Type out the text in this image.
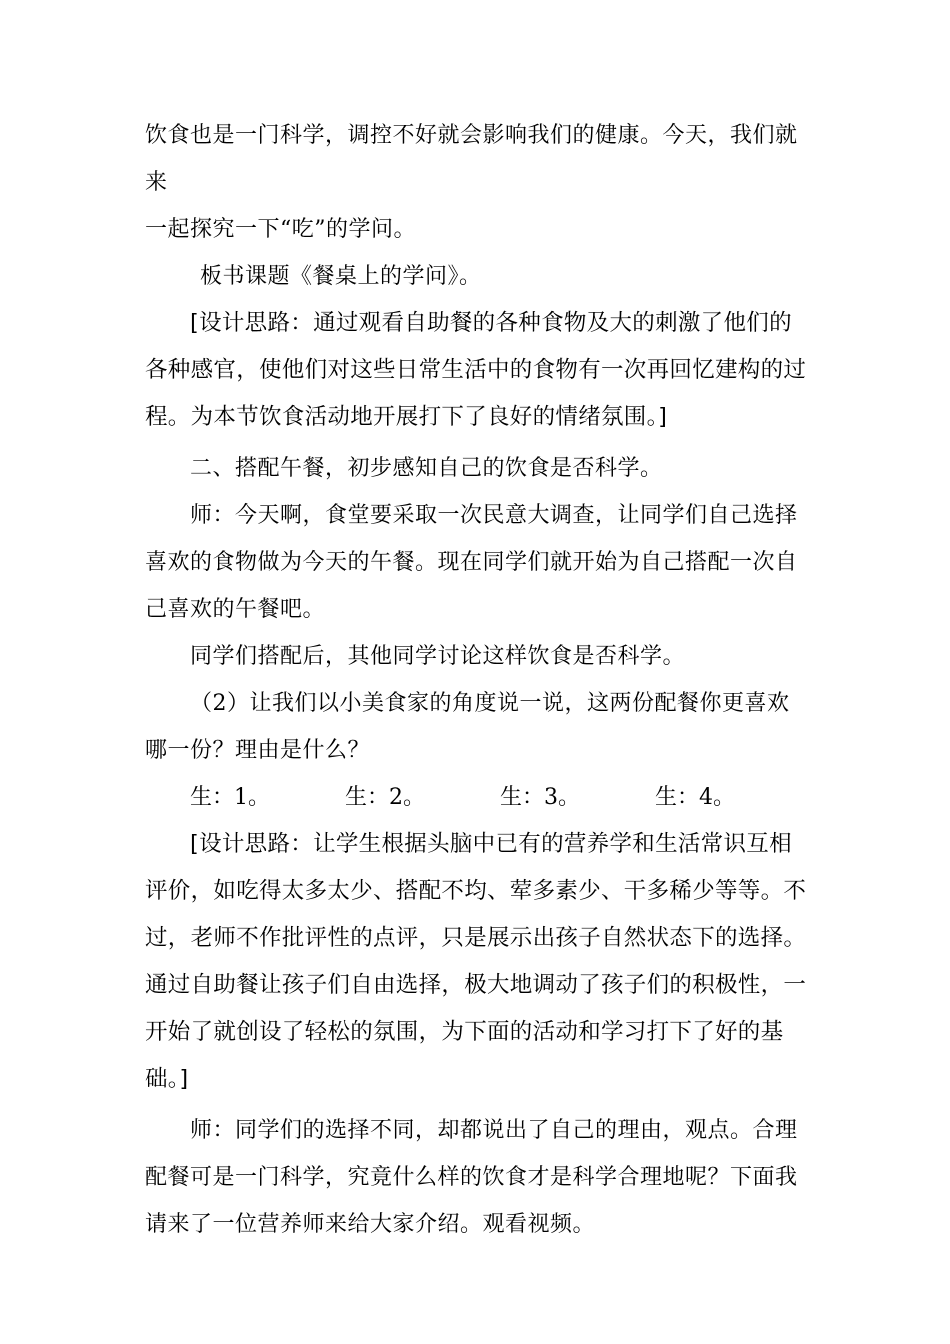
饮食也是一门科学，调控不好就会影响我们的健康。今天，我们就来

一起探究一下“吃”的学问。

板书课题《餐桌上的学问》。

[设计思路：通过观看自助餐的各种食物及大的刺激了他们的各种感官，使他们对这些日常生活中的食物有一次再回忆建构的过程。为本节饮食活动地开展打下了良好的情绪氛围。]

二、搭配午餐，初步感知自己的饮食是否科学。

师：今天啊，食堂要采取一次民意大调查，让同学们自己选择喜欢的食物做为今天的午餐。现在同学们就开始为自己搭配一次自己喜欢的午餐吧。

同学们搭配后，其他同学讨论这样饮食是否科学。

（2）让我们以小美食家的角度说一说，这两份配餐你更喜欢哪一份？理由是什么？

生：1。	生：2。	生：3。	生：4。

[设计思路：让学生根据头脑中已有的营养学和生活常识互相评价，如吃得太多太少、搭配不均、荤多素少、干多稀少等等。不过，老师不作批评性的点评，只是展示出孩子自然状态下的选择。通过自助餐让孩子们自由选择，极大地调动了孩子们的积极性，一开始了就创设了轻松的氛围，为下面的活动和学习打下了好的基础。]

师：同学们的选择不同，却都说出了自己的理由，观点。合理配餐可是一门科学，究竟什么样的饮食才是科学合理地呢？下面我请来了一位营养师来给大家介绍。观看视频。
